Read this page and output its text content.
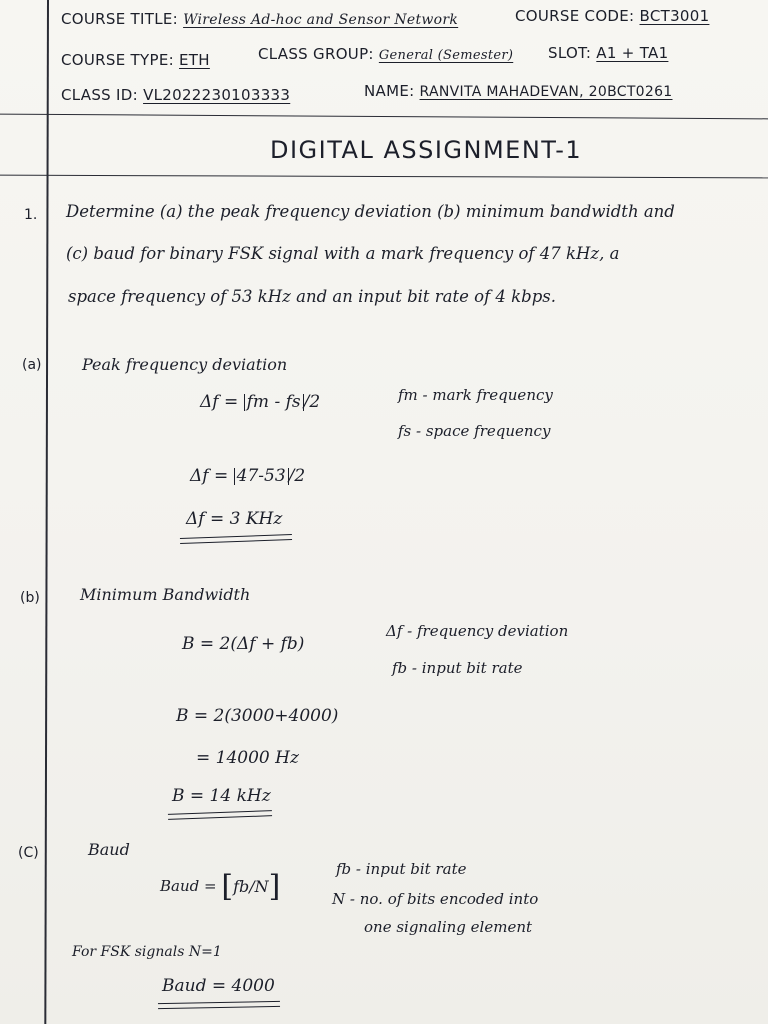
COURSE TITLE: Wireless Ad-hoc and Sensor Network	COURSE CODE: BCT3001
COURSE TYPE: ETH	CLASS GROUP: General (Semester) SLOT: A1 + TA1
CLASS ID: VL2022230103333	NAME: RANVITA MAHADEVAN, 20BCT0261
DIGITAL ASSIGNMENT-1
1. Determine (a) the peak frequency deviation (b) minimum bandwidth and
(c) baud for binary FSK signal with a mark frequency of 47 kHz, a
space frequency of 53 kHz and an input bit rate of 4 kbps.
(a)	Peak frequency deviation
Δf = fm - fs /2	fm - mark frequency
fs - space frequency
Δf = 47-53 /2
Δf = 3 KHz
(b)	Minimum Bandwidth
B = 2(Δf + fb)
Δf - frequency deviation
fb - input bit rate
B = 2(3000+4000)
= 14000 Hz
B = 14 kHz
(C)	Baud
Baud = [fb/N]	fb - input bit rate
N - no. of bits encoded into
one signaling element
For FSK signals N=1
Baud = 4000
